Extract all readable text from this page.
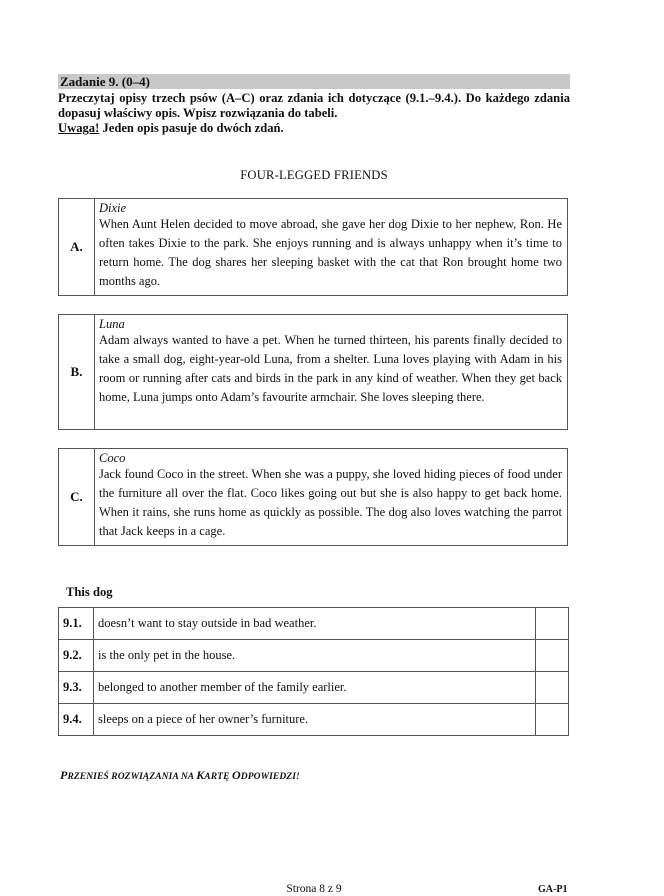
Zadanie 9. (0–4)
Przeczytaj opisy trzech psów (A–C) oraz zdania ich dotyczące (9.1.–9.4.). Do każdego zdania dopasuj właściwy opis. Wpisz rozwiązania do tabeli.
Uwaga! Jeden opis pasuje do dwóch zdań.
FOUR-LEGGED FRIENDS
A.
Dixie
When Aunt Helen decided to move abroad, she gave her dog Dixie to her nephew, Ron. He often takes Dixie to the park. She enjoys running and is always unhappy when it’s time to return home. The dog shares her sleeping basket with the cat that Ron brought home two months ago.
B.
Luna
Adam always wanted to have a pet. When he turned thirteen, his parents finally decided to take a small dog, eight-year-old Luna, from a shelter. Luna loves playing with Adam in his room or running after cats and birds in the park in any kind of weather. When they get back home, Luna jumps onto Adam’s favourite armchair. She loves sleeping there.
C.
Coco
Jack found Coco in the street. When she was a puppy, she loved hiding pieces of food under the furniture all over the flat. Coco likes going out but she is also happy to get back home. When it rains, she runs home as quickly as possible. The dog also loves watching the parrot that Jack keeps in a cage.
This dog
9.1.	doesn’t want to stay outside in bad weather.	
9.2.	is the only pet in the house.	
9.3.	belonged to another member of the family earlier.	
9.4.	sleeps on a piece of her owner’s furniture.	
PRZENIEŚ ROZWIĄZANIA NA KARTĘ ODPOWIEDZI!
Strona 8 z 9	GA-P1
